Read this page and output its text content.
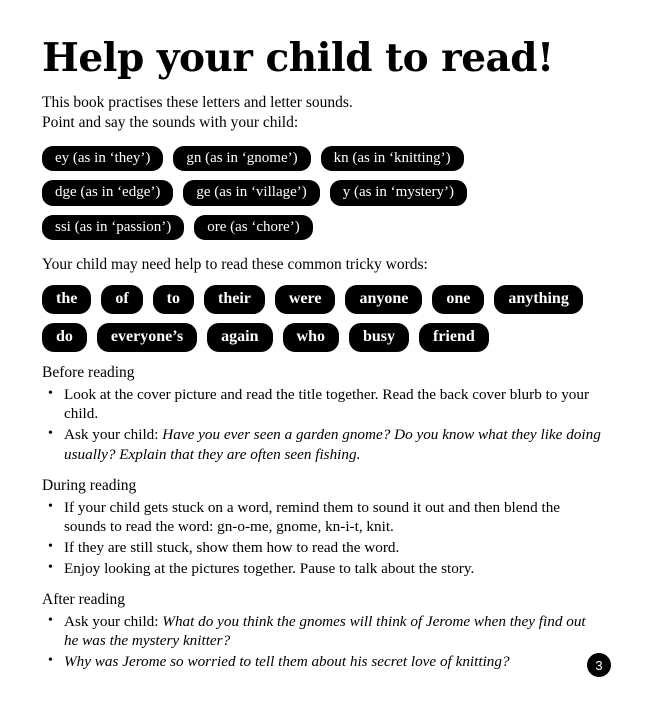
Help your child to read!
This book practises these letters and letter sounds.
Point and say the sounds with your child:
ey (as in ‘they’)	gn (as in ‘gnome’)	kn (as in ‘knitting’)
dge (as in ‘edge’)	ge (as in ‘village’)	y (as in ‘mystery’)
ssi (as in ‘passion’)	ore (as ‘chore’)
Your child may need help to read these common tricky words:
the	of	to	their	were	anyone	one	anything
do	everyone’s	again	who	busy	friend
Before reading
• Look at the cover picture and read the title together. Read the back cover blurb to your child.
• Ask your child: Have you ever seen a garden gnome? Do you know what they like doing usually? Explain that they are often seen fishing.
During reading
• If your child gets stuck on a word, remind them to sound it out and then blend the sounds to read the word: gn-o-me, gnome, kn-i-t, knit.
• If they are still stuck, show them how to read the word.
• Enjoy looking at the pictures together. Pause to talk about the story.
After reading
• Ask your child: What do you think the gnomes will think of Jerome when they find out he was the mystery knitter?
• Why was Jerome so worried to tell them about his secret love of knitting?	3
